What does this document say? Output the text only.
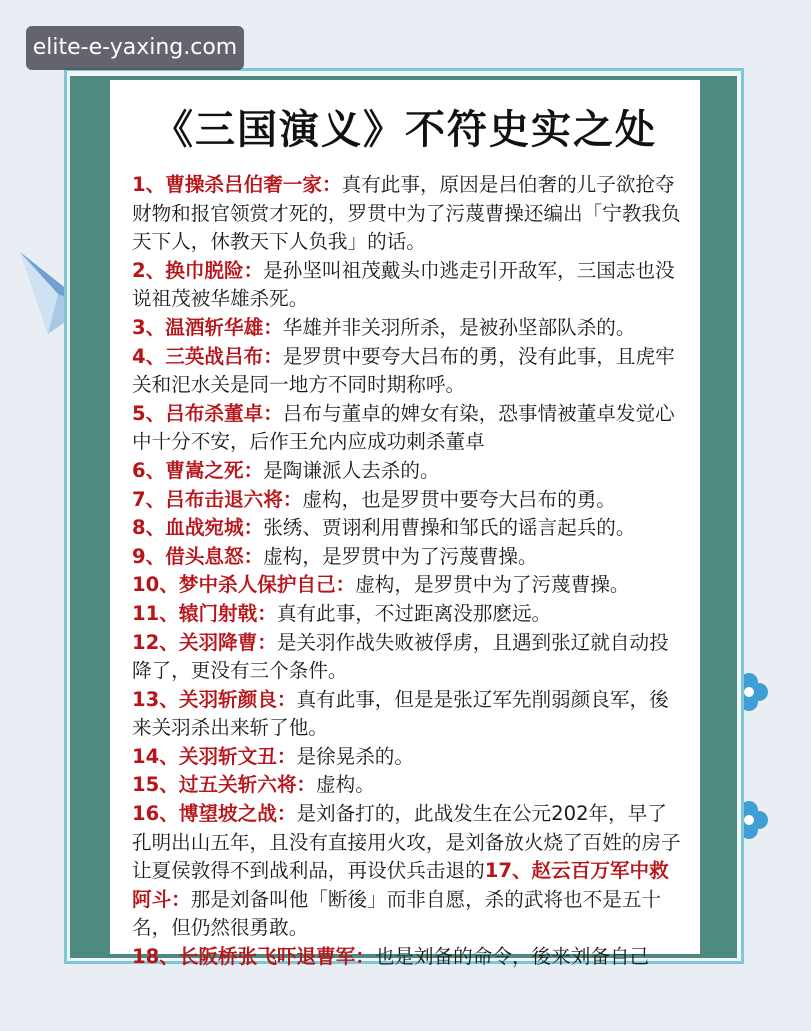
elite-e-yaxing.com
《三国演义》不符史实之处

1、曹操杀吕伯奢一家：真有此事，原因是吕伯奢的儿子欲抢夺财物和报官领赏才死的，罗贯中为了污蔑曹操还编出「宁教我负天下人，休教天下人负我」的话。

2、换巾脱险：是孙坚叫祖茂戴头巾逃走引开敌军，三国志也没说祖茂被华雄杀死。

3、温酒斩华雄：华雄并非关羽所杀，是被孙坚部队杀的。

4、三英战吕布：是罗贯中要夸大吕布的勇，没有此事，且虎牢关和汜水关是同一地方不同时期称呼。

5、吕布杀董卓：吕布与董卓的婢女有染，恐事情被董卓发觉心中十分不安，后作王允内应成功刺杀董卓

6、曹嵩之死：是陶谦派人去杀的。

7、吕布击退六将：虚构，也是罗贯中要夸大吕布的勇。

8、血战宛城：张绣、贾诩利用曹操和邹氏的谣言起兵的。

9、借头息怒：虚构，是罗贯中为了污蔑曹操。

10、梦中杀人保护自己：虚构，是罗贯中为了污蔑曹操。

11、辕门射戟：真有此事，不过距离没那麽远。

12、关羽降曹：是关羽作战失败被俘虏，且遇到张辽就自动投降了，更没有三个条件。

13、关羽斩颜良：真有此事，但是是张辽军先削弱颜良军，後来关羽杀出来斩了他。

14、关羽斩文丑：是徐晃杀的。

15、过五关斩六将：虚构。

16、博望坡之战：是刘备打的，此战发生在公元202年，早了孔明出山五年，且没有直接用火攻，是刘备放火烧了百姓的房子让夏侯敦得不到战利品，再设伏兵击退的17、赵云百万军中救阿斗：那是刘备叫他「断後」而非自愿，杀的武将也不是五十名，但仍然很勇敢。

18、长阪桥张飞吓退曹军：也是刘备的命令，後来刘备自己
